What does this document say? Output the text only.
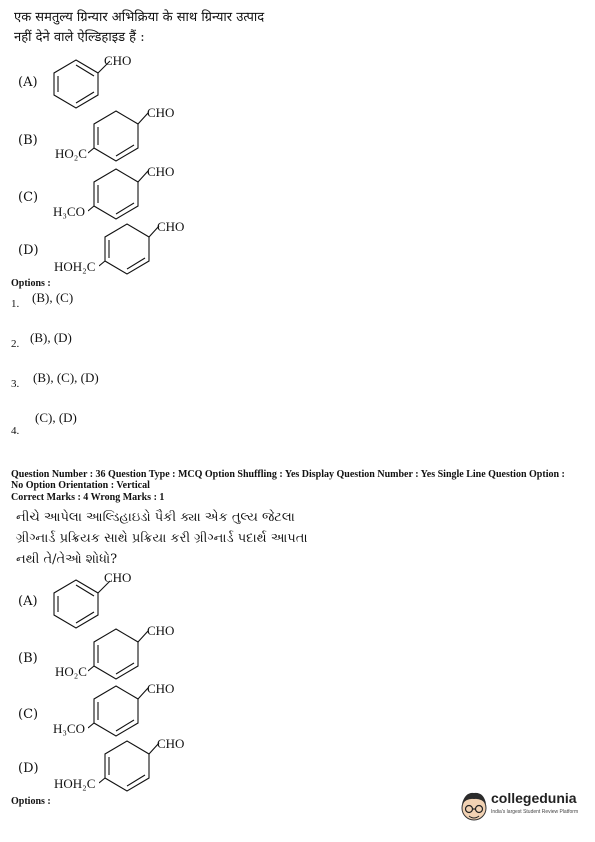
एक समतुल्य ग्रिन्यार अभिक्रिया के साथ ग्रिन्यार उत्पाद
नहीं देने वाले ऐल्डिहाइड हैं :
(A)
CHO
(B)
CHO
HO₂C
(C)
CHO
H₃CO
(D)
CHO
HOH₂C
Options :
1. (B), (C)
2. (B), (D)
3. (B), (C), (D)
4.
(C), (D)
Question Number : 36 Question Type : MCQ Option Shuffling : Yes Display Question Number : Yes Single Line Question Option :
No Option Orientation : Vertical
Correct Marks : 4 Wrong Marks : 1
નીચે આપેલા આલ્ડિહાઇડો પૈકી ક્યા એક તુલ્ય જેટલા
ગ્રીગ્નાર્ડ પ્રક્રિયક સાથે પ્રક્રિયા કરી ગ્રીગ્નાર્ડ પદાર્થ આપતા
નથી તે/તેઓ શોધો?
(A)
CHO
(B)
CHO
HO₂C
(C)
CHO
H₃CO
(D)
CHO
HOH₂C
Options :	collegedunia
India's largest Student Review Platform
